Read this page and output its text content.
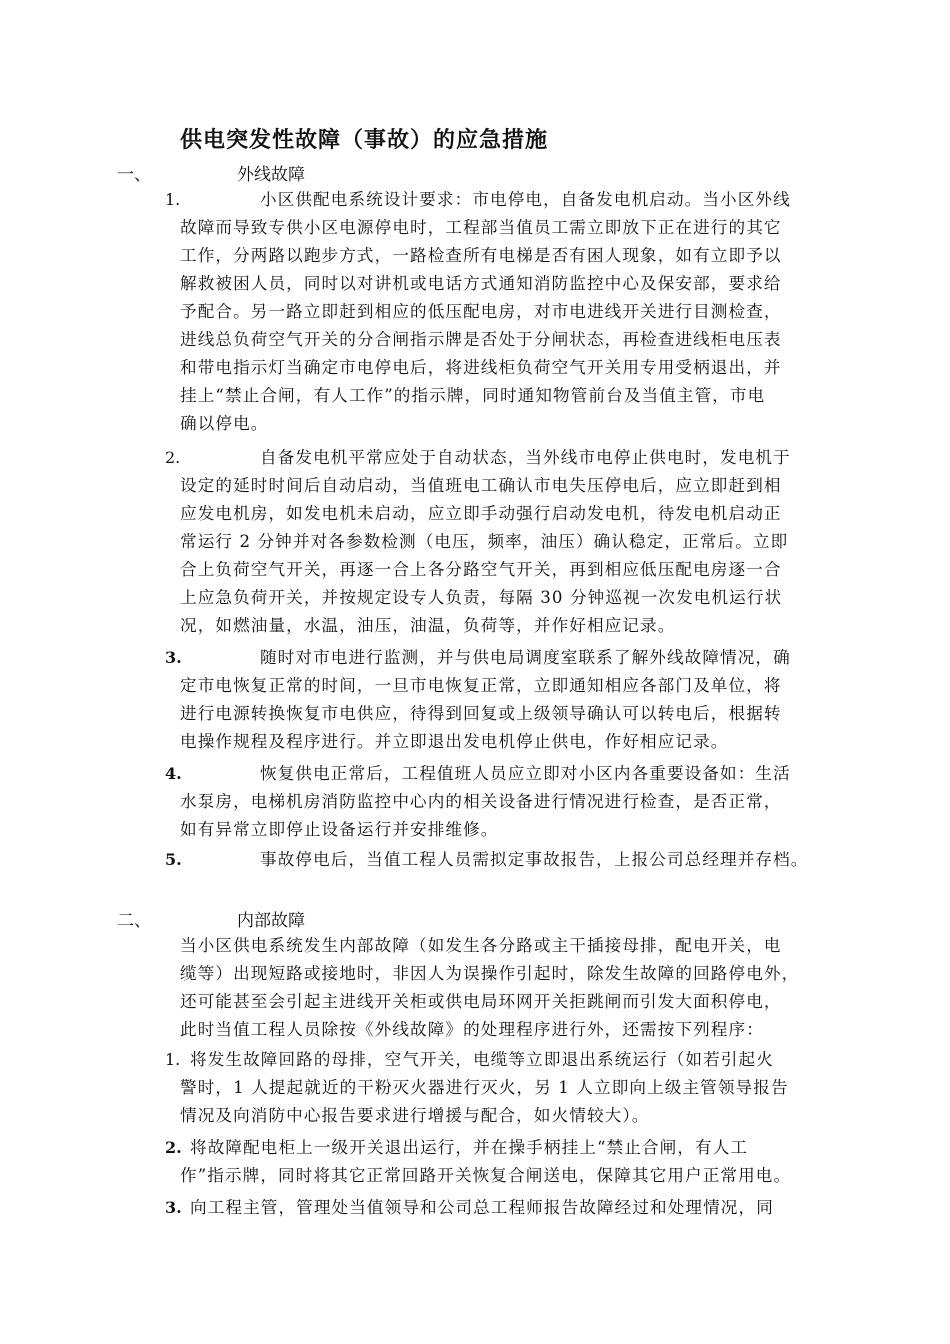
供电突发性故障（事故）的应急措施
一、	外线故障
1.	小区供配电系统设计要求：市电停电，自备发电机启动。当小区外线
故障而导致专供小区电源停电时，工程部当值员工需立即放下正在进行的其它
工作，分两路以跑步方式，一路检查所有电梯是否有困人现象，如有立即予以
解救被困人员，同时以对讲机或电话方式通知消防监控中心及保安部，要求给
予配合。另一路立即赶到相应的低压配电房，对市电进线开关进行目测检查，
进线总负荷空气开关的分合闸指示牌是否处于分闸状态，再检查进线柜电压表
和带电指示灯当确定市电停电后，将进线柜负荷空气开关用专用受柄退出，并
挂上“禁止合闸，有人工作”的指示牌，同时通知物管前台及当值主管，市电
确以停电。
2.	自备发电机平常应处于自动状态，当外线市电停止供电时，发电机于
设定的延时时间后自动启动，当值班电工确认市电失压停电后，应立即赶到相
应发电机房，如发电机未启动，应立即手动强行启动发电机，待发电机启动正
常运行 2 分钟并对各参数检测（电压，频率，油压）确认稳定，正常后。立即
合上负荷空气开关，再逐一合上各分路空气开关，再到相应低压配电房逐一合
上应急负荷开关，并按规定设专人负责，每隔 30 分钟巡视一次发电机运行状
况，如燃油量，水温，油压，油温，负荷等，并作好相应记录。
3.	随时对市电进行监测，并与供电局调度室联系了解外线故障情况，确
定市电恢复正常的时间，一旦市电恢复正常，立即通知相应各部门及单位，将
进行电源转换恢复市电供应，待得到回复或上级领导确认可以转电后，根据转
电操作规程及程序进行。并立即退出发电机停止供电，作好相应记录。
4.	恢复供电正常后，工程值班人员应立即对小区内各重要设备如：生活
水泵房，电梯机房消防监控中心内的相关设备进行情况进行检查，是否正常，
如有异常立即停止设备运行并安排维修。
5.	事故停电后，当值工程人员需拟定事故报告，上报公司总经理并存档。
二、	内部故障
当小区供电系统发生内部故障（如发生各分路或主干插接母排，配电开关，电
缆等）出现短路或接地时，非因人为误操作引起时，除发生故障的回路停电外，
还可能甚至会引起主进线开关柜或供电局环网开关拒跳闸而引发大面积停电，
此时当值工程人员除按《外线故障》的处理程序进行外，还需按下列程序：
1. 将发生故障回路的母排，空气开关，电缆等立即退出系统运行（如若引起火
警时，1 人提起就近的干粉灭火器进行灭火，另 1 人立即向上级主管领导报告
情况及向消防中心报告要求进行增援与配合，如火情较大）。
2. 将故障配电柜上一级开关退出运行，并在操手柄挂上“禁止合闸，有人工
作”指示牌，同时将其它正常回路开关恢复合闸送电，保障其它用户正常用电。
3. 向工程主管，管理处当值领导和公司总工程师报告故障经过和处理情况，同
